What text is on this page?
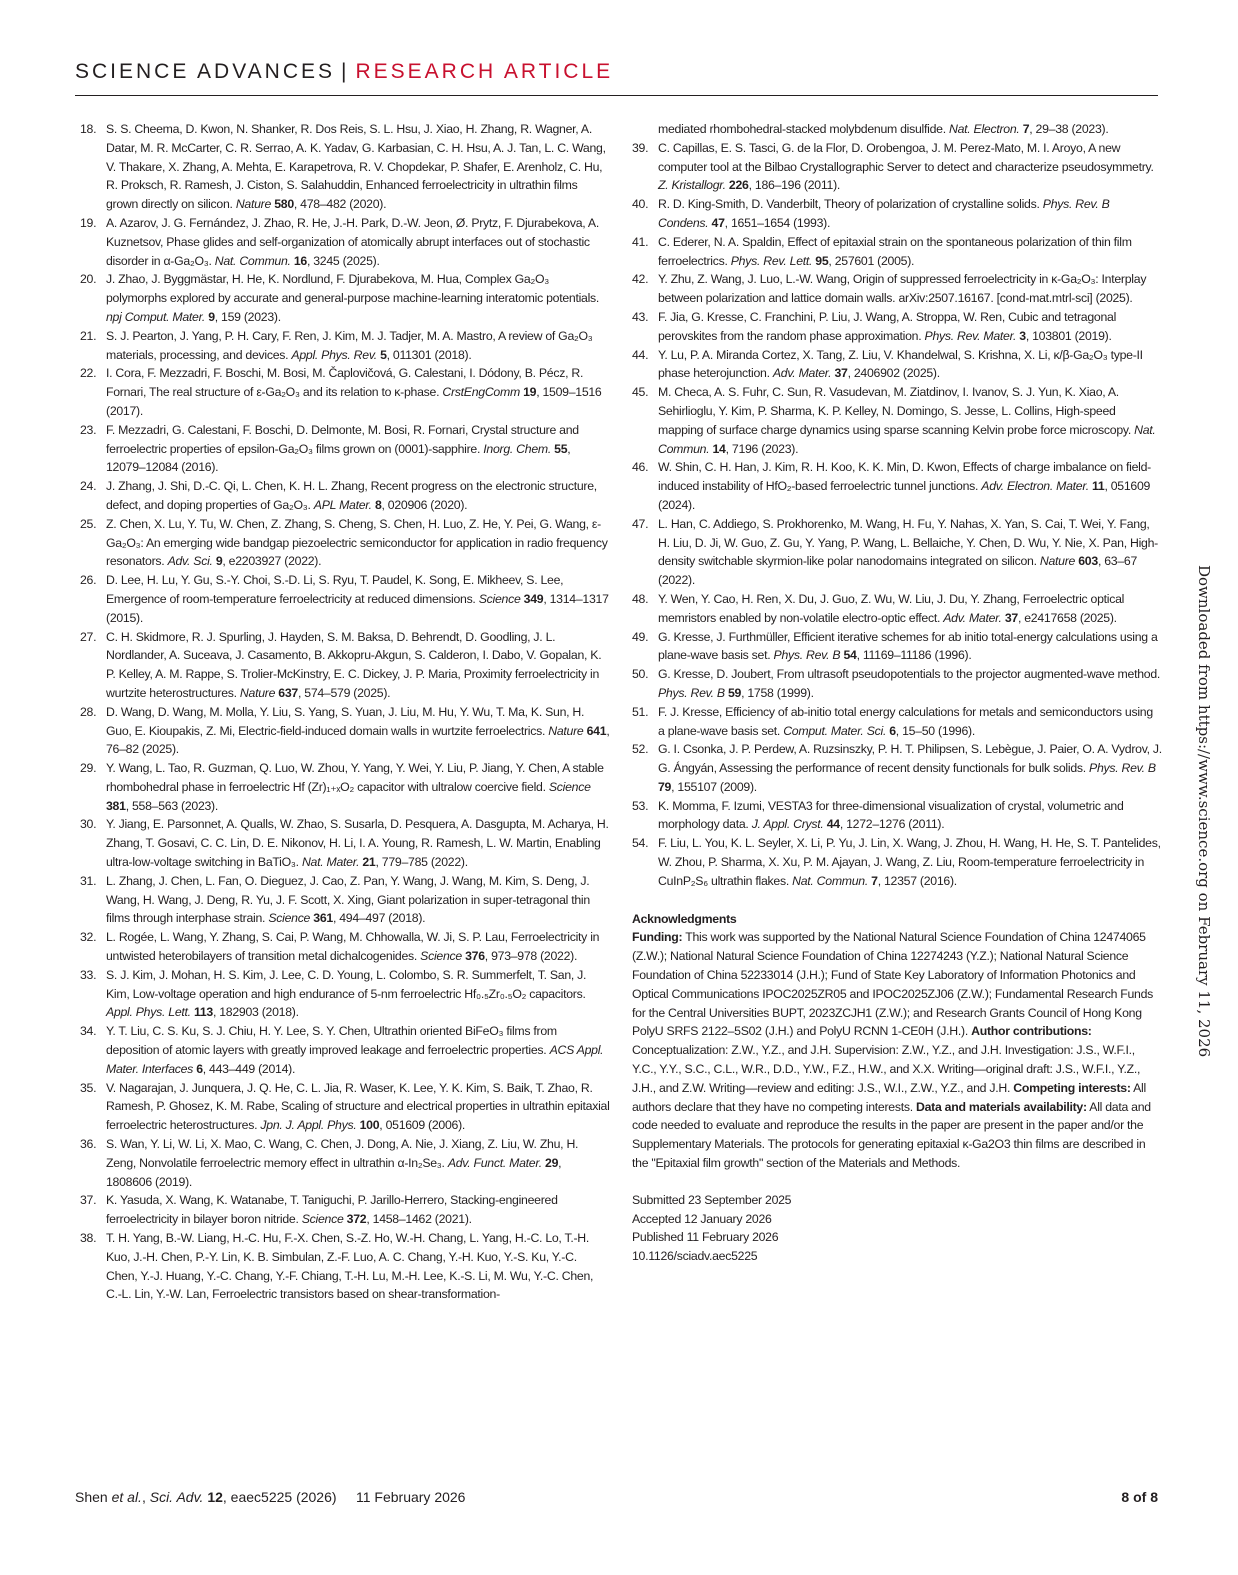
SCIENCE ADVANCES | RESEARCH ARTICLE
18. S. S. Cheema, D. Kwon, N. Shanker, R. Dos Reis, S. L. Hsu, J. Xiao, H. Zhang, R. Wagner, A. Datar, M. R. McCarter, C. R. Serrao, A. K. Yadav, G. Karbasian, C. H. Hsu, A. J. Tan, L. C. Wang, V. Thakare, X. Zhang, A. Mehta, E. Karapetrova, R. V. Chopdekar, P. Shafer, E. Arenholz, C. Hu, R. Proksch, R. Ramesh, J. Ciston, S. Salahuddin, Enhanced ferroelectricity in ultrathin films grown directly on silicon. Nature 580, 478–482 (2020).
19. A. Azarov, J. G. Fernández, J. Zhao, R. He, J.-H. Park, D.-W. Jeon, Ø. Prytz, F. Djurabekova, A. Kuznetsov, Phase glides and self-organization of atomically abrupt interfaces out of stochastic disorder in α-Ga₂O₃. Nat. Commun. 16, 3245 (2025).
20. J. Zhao, J. Byggmästar, H. He, K. Nordlund, F. Djurabekova, M. Hua, Complex Ga₂O₃ polymorphs explored by accurate and general-purpose machine-learning interatomic potentials. npj Comput. Mater. 9, 159 (2023).
21. S. J. Pearton, J. Yang, P. H. Cary, F. Ren, J. Kim, M. J. Tadjer, M. A. Mastro, A review of Ga₂O₃ materials, processing, and devices. Appl. Phys. Rev. 5, 011301 (2018).
22. I. Cora, F. Mezzadri, F. Boschi, M. Bosi, M. Čaplovičová, G. Calestani, I. Dódony, B. Pécz, R. Fornari, The real structure of ε-Ga₂O₃ and its relation to κ-phase. CrstEngComm 19, 1509–1516 (2017).
23. F. Mezzadri, G. Calestani, F. Boschi, D. Delmonte, M. Bosi, R. Fornari, Crystal structure and ferroelectric properties of epsilon-Ga₂O₃ films grown on (0001)-sapphire. Inorg. Chem. 55, 12079–12084 (2016).
24. J. Zhang, J. Shi, D.-C. Qi, L. Chen, K. H. L. Zhang, Recent progress on the electronic structure, defect, and doping properties of Ga₂O₃. APL Mater. 8, 020906 (2020).
25. Z. Chen, X. Lu, Y. Tu, W. Chen, Z. Zhang, S. Cheng, S. Chen, H. Luo, Z. He, Y. Pei, G. Wang, ε-Ga₂O₃: An emerging wide bandgap piezoelectric semiconductor for application in radio frequency resonators. Adv. Sci. 9, e2203927 (2022).
26. D. Lee, H. Lu, Y. Gu, S.-Y. Choi, S.-D. Li, S. Ryu, T. Paudel, K. Song, E. Mikheev, S. Lee, Emergence of room-temperature ferroelectricity at reduced dimensions. Science 349, 1314–1317 (2015).
27. C. H. Skidmore, R. J. Spurling, J. Hayden, S. M. Baksa, D. Behrendt, D. Goodling, J. L. Nordlander, A. Suceava, J. Casamento, B. Akkopru-Akgun, S. Calderon, I. Dabo, V. Gopalan, K. P. Kelley, A. M. Rappe, S. Trolier-McKinstry, E. C. Dickey, J. P. Maria, Proximity ferroelectricity in wurtzite heterostructures. Nature 637, 574–579 (2025).
28. D. Wang, D. Wang, M. Molla, Y. Liu, S. Yang, S. Yuan, J. Liu, M. Hu, Y. Wu, T. Ma, K. Sun, H. Guo, E. Kioupakis, Z. Mi, Electric-field-induced domain walls in wurtzite ferroelectrics. Nature 641, 76–82 (2025).
29. Y. Wang, L. Tao, R. Guzman, Q. Luo, W. Zhou, Y. Yang, Y. Wei, Y. Liu, P. Jiang, Y. Chen, A stable rhombohedral phase in ferroelectric Hf (Zr)₁₊ₓO₂ capacitor with ultralow coercive field. Science 381, 558–563 (2023).
30. Y. Jiang, E. Parsonnet, A. Qualls, W. Zhao, S. Susarla, D. Pesquera, A. Dasgupta, M. Acharya, H. Zhang, T. Gosavi, C. C. Lin, D. E. Nikonov, H. Li, I. A. Young, R. Ramesh, L. W. Martin, Enabling ultra-low-voltage switching in BaTiO₃. Nat. Mater. 21, 779–785 (2022).
31. L. Zhang, J. Chen, L. Fan, O. Dieguez, J. Cao, Z. Pan, Y. Wang, J. Wang, M. Kim, S. Deng, J. Wang, H. Wang, J. Deng, R. Yu, J. F. Scott, X. Xing, Giant polarization in super-tetragonal thin films through interphase strain. Science 361, 494–497 (2018).
32. L. Rogée, L. Wang, Y. Zhang, S. Cai, P. Wang, M. Chhowalla, W. Ji, S. P. Lau, Ferroelectricity in untwisted heterobilayers of transition metal dichalcogenides. Science 376, 973–978 (2022).
33. S. J. Kim, J. Mohan, H. S. Kim, J. Lee, C. D. Young, L. Colombo, S. R. Summerfelt, T. San, J. Kim, Low-voltage operation and high endurance of 5-nm ferroelectric Hf₀.₅Zr₀.₅O₂ capacitors. Appl. Phys. Lett. 113, 182903 (2018).
34. Y. T. Liu, C. S. Ku, S. J. Chiu, H. Y. Lee, S. Y. Chen, Ultrathin oriented BiFeO₃ films from deposition of atomic layers with greatly improved leakage and ferroelectric properties. ACS Appl. Mater. Interfaces 6, 443–449 (2014).
35. V. Nagarajan, J. Junquera, J. Q. He, C. L. Jia, R. Waser, K. Lee, Y. K. Kim, S. Baik, T. Zhao, R. Ramesh, P. Ghosez, K. M. Rabe, Scaling of structure and electrical properties in ultrathin epitaxial ferroelectric heterostructures. Jpn. J. Appl. Phys. 100, 051609 (2006).
36. S. Wan, Y. Li, W. Li, X. Mao, C. Wang, C. Chen, J. Dong, A. Nie, J. Xiang, Z. Liu, W. Zhu, H. Zeng, Nonvolatile ferroelectric memory effect in ultrathin α-In₂Se₃. Adv. Funct. Mater. 29, 1808606 (2019).
37. K. Yasuda, X. Wang, K. Watanabe, T. Taniguchi, P. Jarillo-Herrero, Stacking-engineered ferroelectricity in bilayer boron nitride. Science 372, 1458–1462 (2021).
38. T. H. Yang, B.-W. Liang, H.-C. Hu, F.-X. Chen, S.-Z. Ho, W.-H. Chang, L. Yang, H.-C. Lo, T.-H. Kuo, J.-H. Chen, P.-Y. Lin, K. B. Simbulan, Z.-F. Luo, A. C. Chang, Y.-H. Kuo, Y.-S. Ku, Y.-C. Chen, Y.-J. Huang, Y.-C. Chang, Y.-F. Chiang, T.-H. Lu, M.-H. Lee, K.-S. Li, M. Wu, Y.-C. Chen, C.-L. Lin, Y.-W. Lan, Ferroelectric transistors based on shear-transformation-
mediated rhombohedral-stacked molybdenum disulfide. Nat. Electron. 7, 29–38 (2023).
39. C. Capillas, E. S. Tasci, G. de la Flor, D. Orobengoa, J. M. Perez-Mato, M. I. Aroyo, A new computer tool at the Bilbao Crystallographic Server to detect and characterize pseudosymmetry. Z. Kristallogr. 226, 186–196 (2011).
40. R. D. King-Smith, D. Vanderbilt, Theory of polarization of crystalline solids. Phys. Rev. B Condens. 47, 1651–1654 (1993).
41. C. Ederer, N. A. Spaldin, Effect of epitaxial strain on the spontaneous polarization of thin film ferroelectrics. Phys. Rev. Lett. 95, 257601 (2005).
42. Y. Zhu, Z. Wang, J. Luo, L.-W. Wang, Origin of suppressed ferroelectricity in κ-Ga₂O₃: Interplay between polarization and lattice domain walls. arXiv:2507.16167. [cond-mat.mtrl-sci] (2025).
43. F. Jia, G. Kresse, C. Franchini, P. Liu, J. Wang, A. Stroppa, W. Ren, Cubic and tetragonal perovskites from the random phase approximation. Phys. Rev. Mater. 3, 103801 (2019).
44. Y. Lu, P. A. Miranda Cortez, X. Tang, Z. Liu, V. Khandelwal, S. Krishna, X. Li, κ/β-Ga₂O₃ type-II phase heterojunction. Adv. Mater. 37, 2406902 (2025).
45. M. Checa, A. S. Fuhr, C. Sun, R. Vasudevan, M. Ziatdinov, I. Ivanov, S. J. Yun, K. Xiao, A. Sehirlioglu, Y. Kim, P. Sharma, K. P. Kelley, N. Domingo, S. Jesse, L. Collins, High-speed mapping of surface charge dynamics using sparse scanning Kelvin probe force microscopy. Nat. Commun. 14, 7196 (2023).
46. W. Shin, C. H. Han, J. Kim, R. H. Koo, K. K. Min, D. Kwon, Effects of charge imbalance on field-induced instability of HfO₂-based ferroelectric tunnel junctions. Adv. Electron. Mater. 11, 051609 (2024).
47. L. Han, C. Addiego, S. Prokhorenko, M. Wang, H. Fu, Y. Nahas, X. Yan, S. Cai, T. Wei, Y. Fang, H. Liu, D. Ji, W. Guo, Z. Gu, Y. Yang, P. Wang, L. Bellaiche, Y. Chen, D. Wu, Y. Nie, X. Pan, High-density switchable skyrmion-like polar nanodomains integrated on silicon. Nature 603, 63–67 (2022).
48. Y. Wen, Y. Cao, H. Ren, X. Du, J. Guo, Z. Wu, W. Liu, J. Du, Y. Zhang, Ferroelectric optical memristors enabled by non-volatile electro-optic effect. Adv. Mater. 37, e2417658 (2025).
49. G. Kresse, J. Furthmüller, Efficient iterative schemes for ab initio total-energy calculations using a plane-wave basis set. Phys. Rev. B 54, 11169–11186 (1996).
50. G. Kresse, D. Joubert, From ultrasoft pseudopotentials to the projector augmented-wave method. Phys. Rev. B 59, 1758 (1999).
51. F. J. Kresse, Efficiency of ab-initio total energy calculations for metals and semiconductors using a plane-wave basis set. Comput. Mater. Sci. 6, 15–50 (1996).
52. G. I. Csonka, J. P. Perdew, A. Ruzsinszky, P. H. T. Philipsen, S. Lebègue, J. Paier, O. A. Vydrov, J. G. Ángyán, Assessing the performance of recent density functionals for bulk solids. Phys. Rev. B 79, 155107 (2009).
53. K. Momma, F. Izumi, VESTA3 for three-dimensional visualization of crystal, volumetric and morphology data. J. Appl. Cryst. 44, 1272–1276 (2011).
54. F. Liu, L. You, K. L. Seyler, X. Li, P. Yu, J. Lin, X. Wang, J. Zhou, H. Wang, H. He, S. T. Pantelides, W. Zhou, P. Sharma, X. Xu, P. M. Ajayan, J. Wang, Z. Liu, Room-temperature ferroelectricity in CuInP₂S₆ ultrathin flakes. Nat. Commun. 7, 12357 (2016).
Acknowledgments
Funding: This work was supported by the National Natural Science Foundation of China 12474065 (Z.W.); National Natural Science Foundation of China 12274243 (Y.Z.); National Natural Science Foundation of China 52233014 (J.H.); Fund of State Key Laboratory of Information Photonics and Optical Communications IPOC2025ZR05 and IPOC2025ZJ06 (Z.W.); Fundamental Research Funds for the Central Universities BUPT, 2023ZCJH1 (Z.W.); and Research Grants Council of Hong Kong PolyU SRFS 2122–5S02 (J.H.) and PolyU RCNN 1-CE0H (J.H.). Author contributions: Conceptualization: Z.W., Y.Z., and J.H. Supervision: Z.W., Y.Z., and J.H. Investigation: J.S., W.F.I., Y.C., Y.Y., S.C., C.L., W.R., D.D., Y.W., F.Z., H.W., and X.X. Writing—original draft: J.S., W.F.I., Y.Z., J.H., and Z.W. Writing—review and editing: J.S., W.I., Z.W., Y.Z., and J.H. Competing interests: All authors declare that they have no competing interests. Data and materials availability: All data and code needed to evaluate and reproduce the results in the paper are present in the paper and/or the Supplementary Materials. The protocols for generating epitaxial κ-Ga2O3 thin films are described in the "Epitaxial film growth" section of the Materials and Methods.
Submitted 23 September 2025
Accepted 12 January 2026
Published 11 February 2026
10.1126/sciadv.aec5225
Downloaded from https://www.science.org on February 11, 2026
Shen et al., Sci. Adv. 12, eaec5225 (2026) 11 February 2026	8 of 8
